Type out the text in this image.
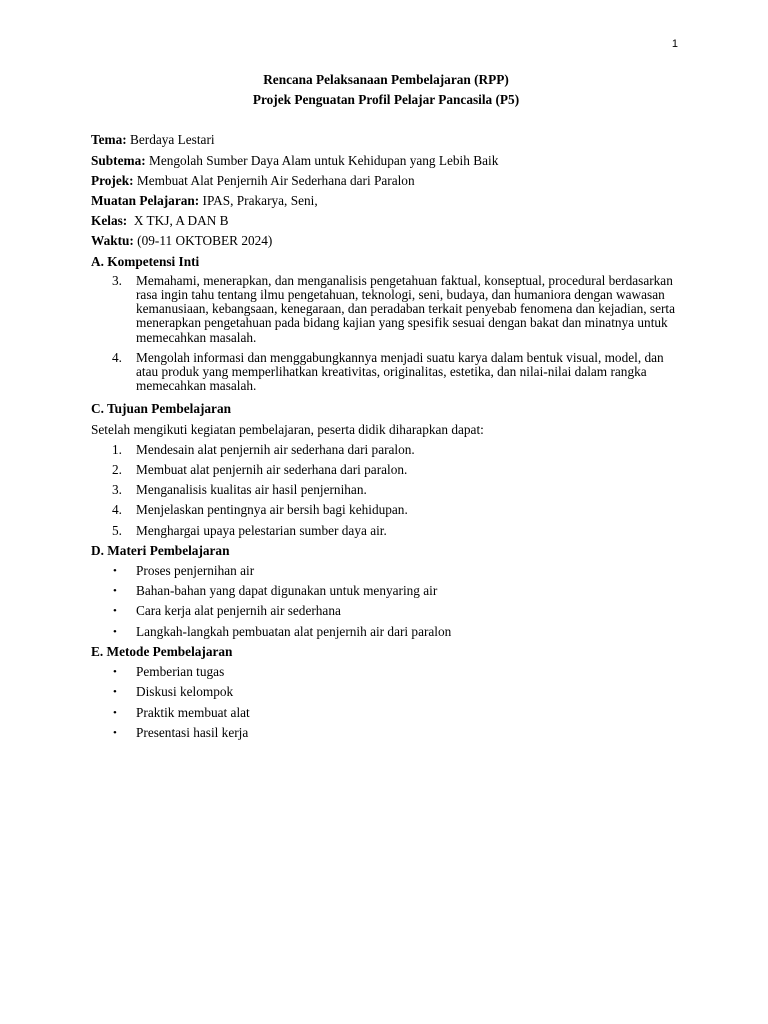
1

Rencana Pelaksanaan Pembelajaran (RPP)

Projek Penguatan Profil Pelajar Pancasila (P5)

Tema: Berdaya Lestari

Subtema: Mengolah Sumber Daya Alam untuk Kehidupan yang Lebih Baik

Projek: Membuat Alat Penjernih Air Sederhana dari Paralon

Muatan Pelajaran: IPAS, Prakarya, Seni,

Kelas:  X TKJ, A DAN B

Waktu: (09-11 OKTOBER 2024)

A. Kompetensi Inti

3. Memahami, menerapkan, dan menganalisis pengetahuan faktual, konseptual, procedural berdasarkan rasa ingin tahu tentang ilmu pengetahuan, teknologi, seni, budaya, dan humaniora dengan wawasan kemanusiaan, kebangsaan, kenegaraan, dan peradaban terkait penyebab fenomena dan kejadian, serta menerapkan pengetahuan pada bidang kajian yang spesifik sesuai dengan bakat dan minatnya untuk memecahkan masalah.
4. Mengolah informasi dan menggabungkannya menjadi suatu karya dalam bentuk visual, model, dan atau produk yang memperlihatkan kreativitas, originalitas, estetika, dan nilai-nilai dalam rangka memecahkan masalah.

C. Tujuan Pembelajaran

Setelah mengikuti kegiatan pembelajaran, peserta didik diharapkan dapat:

1. Mendesain alat penjernih air sederhana dari paralon.
2. Membuat alat penjernih air sederhana dari paralon.
3. Menganalisis kualitas air hasil penjernihan.
4. Menjelaskan pentingnya air bersih bagi kehidupan.
5. Menghargai upaya pelestarian sumber daya air.

D. Materi Pembelajaran

• Proses penjernihan air
• Bahan-bahan yang dapat digunakan untuk menyaring air
• Cara kerja alat penjernih air sederhana
• Langkah-langkah pembuatan alat penjernih air dari paralon

E. Metode Pembelajaran

• Pemberian tugas
• Diskusi kelompok
• Praktik membuat alat
• Presentasi hasil kerja
